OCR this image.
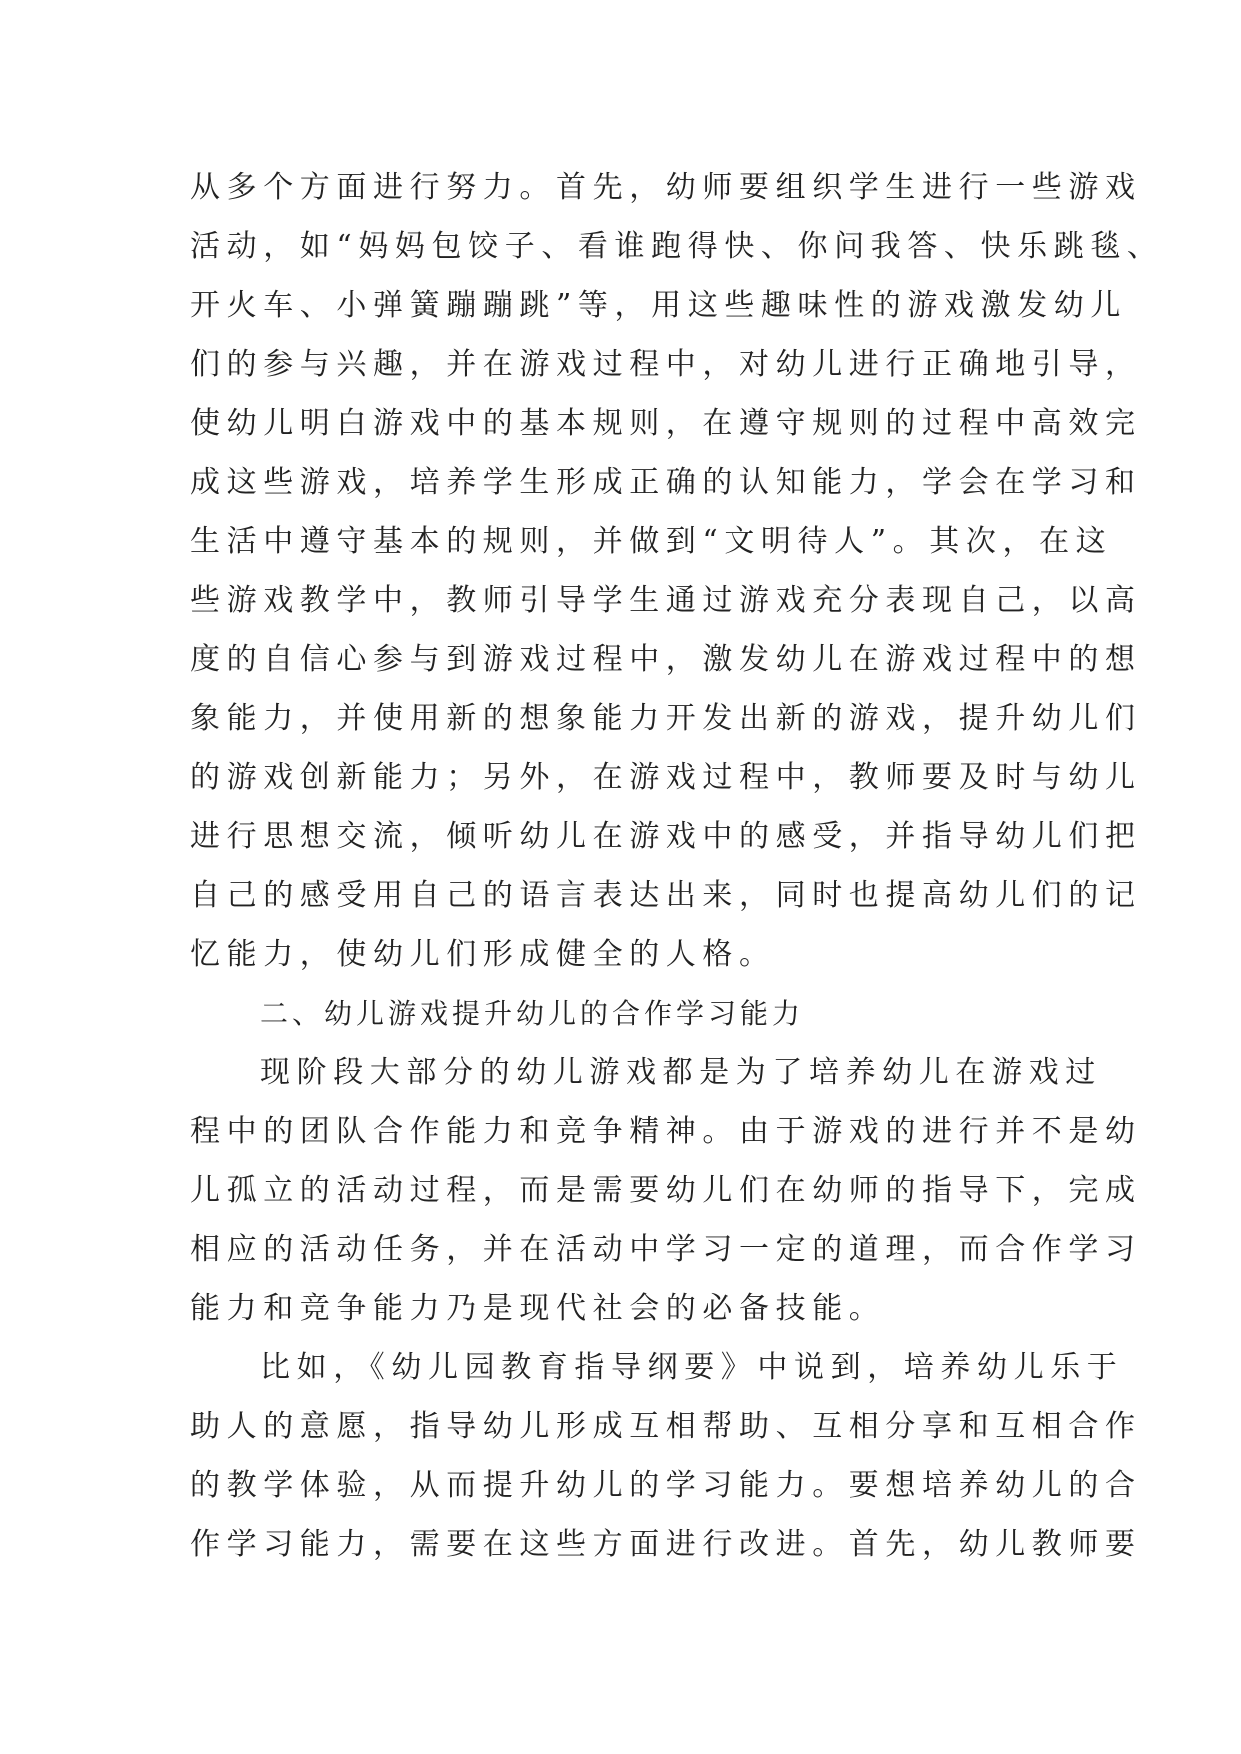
从多个方面进行努力。首先，幼师要组织学生进行一些游戏
活动，如“妈妈包饺子、看谁跑得快、你问我答、快乐跳毯、
开火车、小弹簧蹦蹦跳”等，用这些趣味性的游戏激发幼儿
们的参与兴趣，并在游戏过程中，对幼儿进行正确地引导，
使幼儿明白游戏中的基本规则，在遵守规则的过程中高效完
成这些游戏，培养学生形成正确的认知能力，学会在学习和
生活中遵守基本的规则，并做到“文明待人”。其次，在这
些游戏教学中，教师引导学生通过游戏充分表现自己，以高
度的自信心参与到游戏过程中，激发幼儿在游戏过程中的想
象能力，并使用新的想象能力开发出新的游戏，提升幼儿们
的游戏创新能力；另外，在游戏过程中，教师要及时与幼儿
进行思想交流，倾听幼儿在游戏中的感受，并指导幼儿们把
自己的感受用自己的语言表达出来，同时也提高幼儿们的记
忆能力，使幼儿们形成健全的人格。
二、幼儿游戏提升幼儿的合作学习能力
现阶段大部分的幼儿游戏都是为了培养幼儿在游戏过
程中的团队合作能力和竞争精神。由于游戏的进行并不是幼
儿孤立的活动过程，而是需要幼儿们在幼师的指导下，完成
相应的活动任务，并在活动中学习一定的道理，而合作学习
能力和竞争能力乃是现代社会的必备技能。
比如，《幼儿园教育指导纲要》中说到，培养幼儿乐于
助人的意愿，指导幼儿形成互相帮助、互相分享和互相合作
的教学体验，从而提升幼儿的学习能力。要想培养幼儿的合
作学习能力，需要在这些方面进行改进。首先，幼儿教师要
